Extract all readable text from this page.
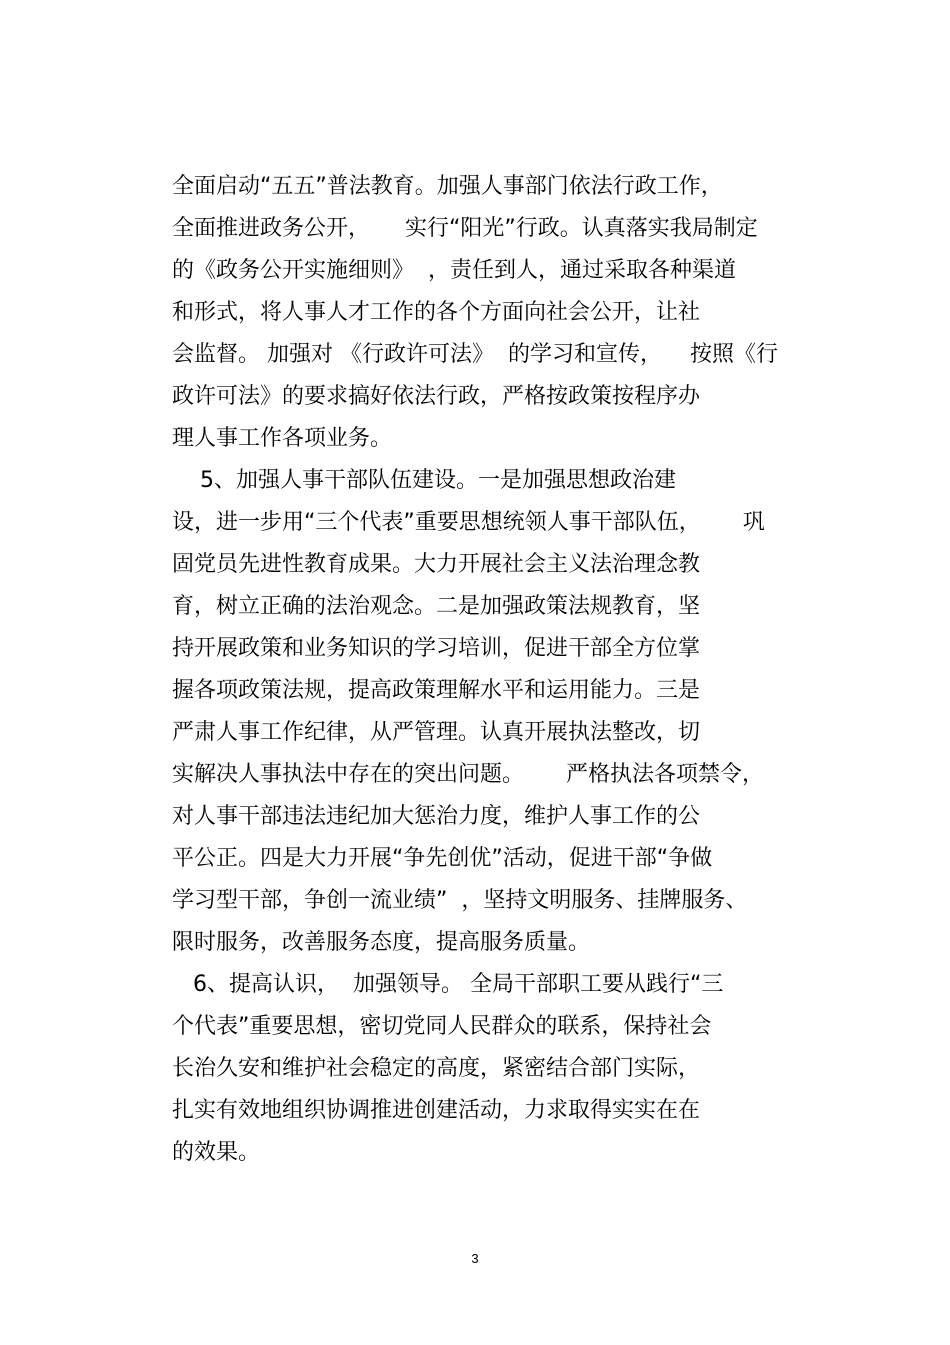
全面启动“五五”普法教育。加强人事部门依法行政工作，

全面推进政务公开，     实行“阳光”行政。认真落实我局制定

的《政务公开实施细则》  ，责任到人，通过采取各种渠道

和形式，将人事人才工作的各个方面向社会公开，让社

会监督。 加强对 《行政许可法》  的学习和宣传，    按照《行

政许可法》的要求搞好依法行政，严格按政策按程序办

理人事工作各项业务。

5、加强人事干部队伍建设。一是加强思想政治建

设，进一步用“三个代表”重要思想统领人事干部队伍，      巩

固党员先进性教育成果。大力开展社会主义法治理念教

育，树立正确的法治观念。二是加强政策法规教育，坚

持开展政策和业务知识的学习培训，促进干部全方位掌

握各项政策法规，提高政策理解水平和运用能力。三是

严肃人事工作纪律，从严管理。认真开展执法整改，切

实解决人事执法中存在的突出问题。      严格执法各项禁令，

对人事干部违法违纪加大惩治力度，维护人事工作的公

平公正。四是大力开展“争先创优”活动，促进干部“争做

学习型干部，争创一流业绩”  ，坚持文明服务、挂牌服务、

限时服务，改善服务态度，提高服务质量。

6、提高认识，  加强领导。 全局干部职工要从践行“三

个代表”重要思想，密切党同人民群众的联系，保持社会

长治久安和维护社会稳定的高度，紧密结合部门实际，

扎实有效地组织协调推进创建活动，力求取得实实在在

的效果。

3
